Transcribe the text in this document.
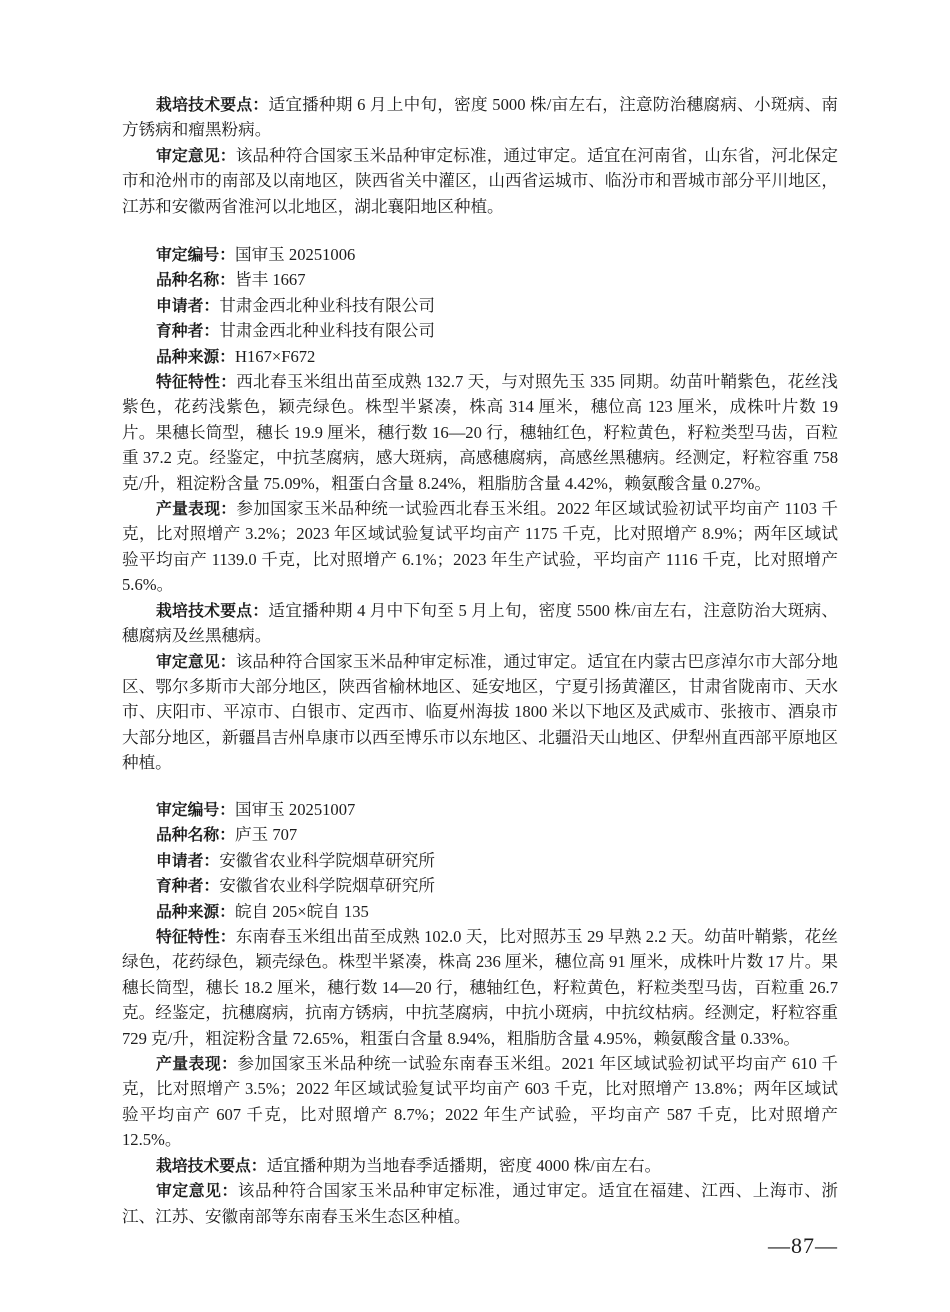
栽培技术要点：适宜播种期 6 月上中旬，密度 5000 株/亩左右，注意防治穗腐病、小斑病、南方锈病和瘤黑粉病。

审定意见：该品种符合国家玉米品种审定标准，通过审定。适宜在河南省，山东省，河北保定市和沧州市的南部及以南地区，陕西省关中灌区，山西省运城市、临汾市和晋城市部分平川地区，江苏和安徽两省淮河以北地区，湖北襄阳地区种植。

审定编号：国审玉 20251006

品种名称：皆丰 1667

申请者：甘肃金西北种业科技有限公司

育种者：甘肃金西北种业科技有限公司

品种来源：H167×F672

特征特性：西北春玉米组出苗至成熟 132.7 天，与对照先玉 335 同期。幼苗叶鞘紫色，花丝浅紫色，花药浅紫色，颖壳绿色。株型半紧凑，株高 314 厘米，穗位高 123 厘米，成株叶片数 19 片。果穗长筒型，穗长 19.9 厘米，穗行数 16—20 行，穗轴红色，籽粒黄色，籽粒类型马齿，百粒重 37.2 克。经鉴定，中抗茎腐病，感大斑病，高感穗腐病，高感丝黑穗病。经测定，籽粒容重 758 克/升，粗淀粉含量 75.09%，粗蛋白含量 8.24%，粗脂肪含量 4.42%，赖氨酸含量 0.27%。

产量表现：参加国家玉米品种统一试验西北春玉米组。2022 年区域试验初试平均亩产 1103 千克，比对照增产 3.2%；2023 年区域试验复试平均亩产 1175 千克，比对照增产 8.9%；两年区域试验平均亩产 1139.0 千克，比对照增产 6.1%；2023 年生产试验，平均亩产 1116 千克，比对照增产 5.6%。

栽培技术要点：适宜播种期 4 月中下旬至 5 月上旬，密度 5500 株/亩左右，注意防治大斑病、穗腐病及丝黑穗病。

审定意见：该品种符合国家玉米品种审定标准，通过审定。适宜在内蒙古巴彦淖尔市大部分地区、鄂尔多斯市大部分地区，陕西省榆林地区、延安地区，宁夏引扬黄灌区，甘肃省陇南市、天水市、庆阳市、平凉市、白银市、定西市、临夏州海拔 1800 米以下地区及武威市、张掖市、酒泉市大部分地区，新疆昌吉州阜康市以西至博乐市以东地区、北疆沿天山地区、伊犁州直西部平原地区种植。

审定编号：国审玉 20251007

品种名称：庐玉 707

申请者：安徽省农业科学院烟草研究所

育种者：安徽省农业科学院烟草研究所

品种来源：皖自 205×皖自 135

特征特性：东南春玉米组出苗至成熟 102.0 天，比对照苏玉 29 早熟 2.2 天。幼苗叶鞘紫，花丝绿色，花药绿色，颖壳绿色。株型半紧凑，株高 236 厘米，穗位高 91 厘米，成株叶片数 17 片。果穗长筒型，穗长 18.2 厘米，穗行数 14—20 行，穗轴红色，籽粒黄色，籽粒类型马齿，百粒重 26.7 克。经鉴定，抗穗腐病，抗南方锈病，中抗茎腐病，中抗小斑病，中抗纹枯病。经测定，籽粒容重 729 克/升，粗淀粉含量 72.65%，粗蛋白含量 8.94%，粗脂肪含量 4.95%，赖氨酸含量 0.33%。

产量表现：参加国家玉米品种统一试验东南春玉米组。2021 年区域试验初试平均亩产 610 千克，比对照增产 3.5%；2022 年区域试验复试平均亩产 603 千克，比对照增产 13.8%；两年区域试验平均亩产 607 千克，比对照增产 8.7%；2022 年生产试验，平均亩产 587 千克，比对照增产 12.5%。

栽培技术要点：适宜播种期为当地春季适播期，密度 4000 株/亩左右。

审定意见：该品种符合国家玉米品种审定标准，通过审定。适宜在福建、江西、上海市、浙江、江苏、安徽南部等东南春玉米生态区种植。

—87—
